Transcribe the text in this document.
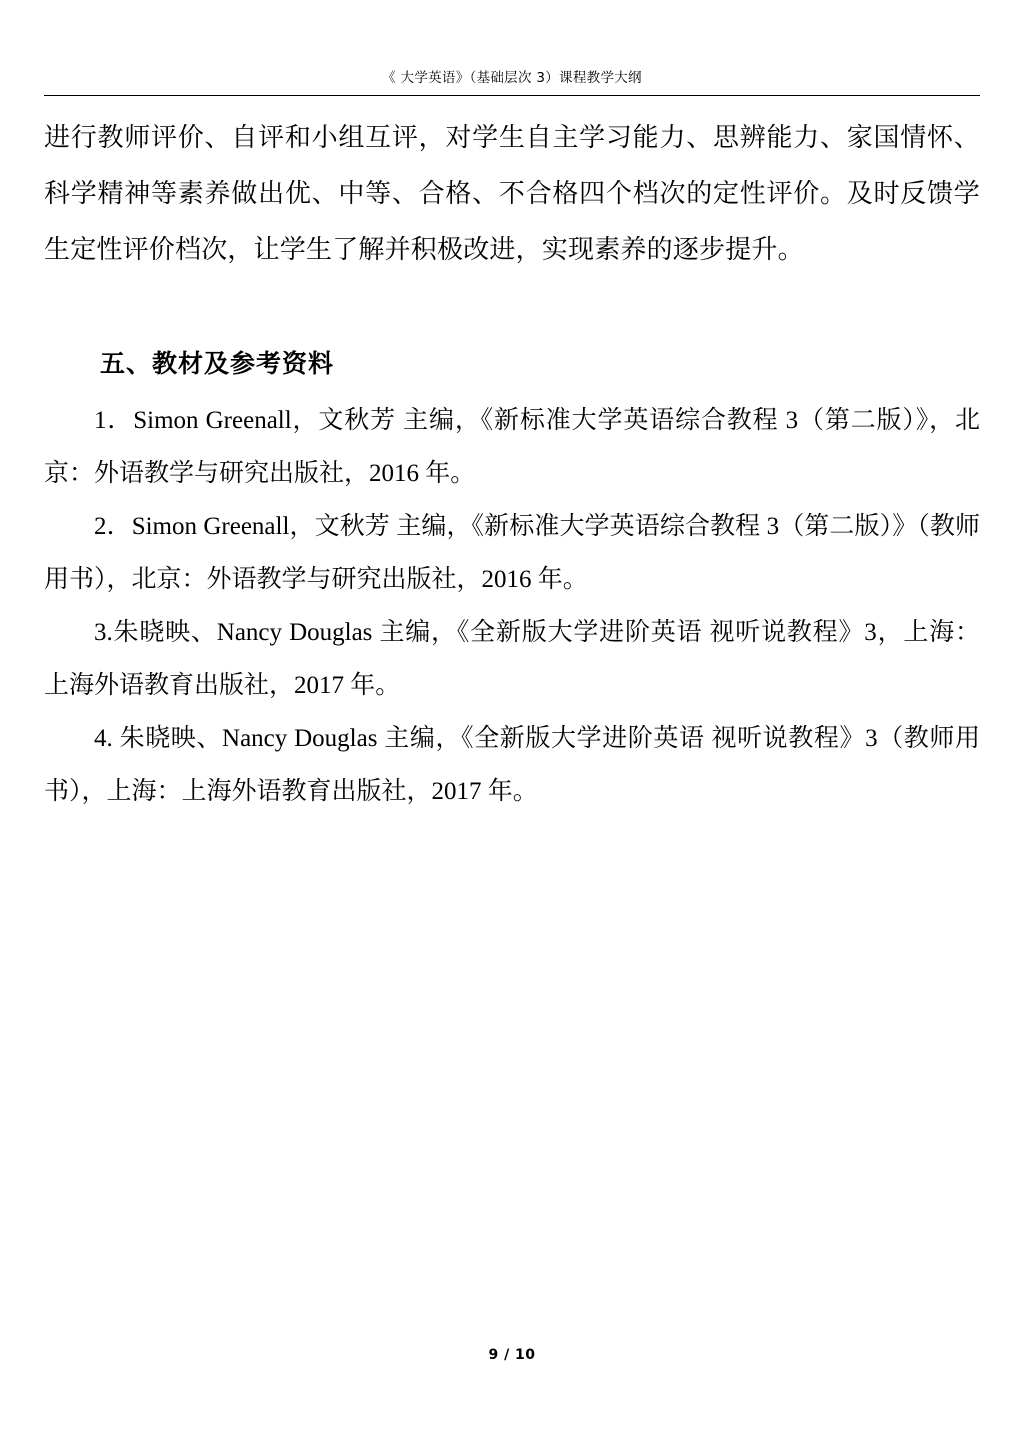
《 大学英语》（基础层次 3）课程教学大纲

进行教师评价、自评和小组互评，对学生自主学习能力、思辨能力、家国情怀、科学精神等素养做出优、中等、合格、不合格四个档次的定性评价。及时反馈学生定性评价档次，让学生了解并积极改进，实现素养的逐步提升。

五、教材及参考资料

1．Simon Greenall，文秋芳 主编，《新标准大学英语综合教程 3（第二版）》，北京：外语教学与研究出版社，2016 年。

2．Simon Greenall，文秋芳 主编，《新标准大学英语综合教程 3（第二版）》（教师用书），北京：外语教学与研究出版社，2016 年。

3.朱晓映、Nancy Douglas 主编，《全新版大学进阶英语 视听说教程》3，上海：上海外语教育出版社，2017 年。

4. 朱晓映、Nancy Douglas 主编，《全新版大学进阶英语 视听说教程》3（教师用书），上海：上海外语教育出版社，2017 年。

9 / 10
